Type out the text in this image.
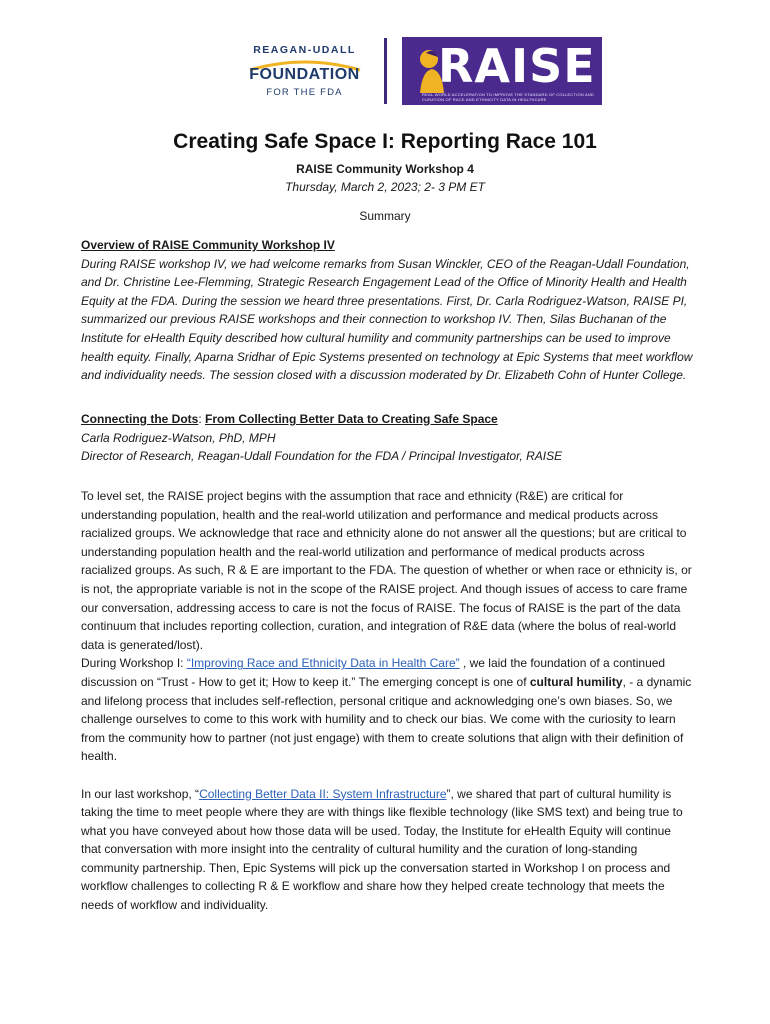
REAGAN-UDALL
FOUNDATION
FOR THE FDA	RAISE
REAL-WORLD ACCELERATION TO IMPROVE THE STANDARD OF COLLECTION AND CURATION OF RACE AND ETHNICITY DATA IN HEALTHCARE
Creating Safe Space I: Reporting Race 101
RAISE Community Workshop 4
Thursday, March 2, 2023; 2- 3 PM ET
Summary

Overview of RAISE Community Workshop IV

During RAISE workshop IV, we had welcome remarks from Susan Winckler, CEO of the Reagan-Udall Foundation, and Dr. Christine Lee-Flemming, Strategic Research Engagement Lead of the Office of Minority Health and Health Equity at the FDA. During the session we heard three presentations. First, Dr. Carla Rodriguez-Watson, RAISE PI, summarized our previous RAISE workshops and their connection to workshop IV. Then, Silas Buchanan of the Institute for eHealth Equity described how cultural humility and community partnerships can be used to improve health equity. Finally, Aparna Sridhar of Epic Systems presented on technology at Epic Systems that meet workflow and individuality needs. The session closed with a discussion moderated by Dr. Elizabeth Cohn of Hunter College.

Connecting the Dots: From Collecting Better Data to Creating Safe Space

Carla Rodriguez-Watson, PhD, MPH

Director of Research, Reagan-Udall Foundation for the FDA / Principal Investigator, RAISE

To level set, the RAISE project begins with the assumption that race and ethnicity (R&E) are critical for understanding population, health and the real-world utilization and performance and medical products across racialized groups. We acknowledge that race and ethnicity alone do not answer all the questions; but are critical to understanding population health and the real-world utilization and performance of medical products across racialized groups. As such, R & E are important to the FDA. The question of whether or when race or ethnicity is, or is not, the appropriate variable is not in the scope of the RAISE project. And though issues of access to care frame our conversation, addressing access to care is not the focus of RAISE. The focus of RAISE is the part of the data continuum that includes reporting collection, curation, and integration of R&E data (where the bolus of real-world data is generated/lost).

During Workshop I: “Improving Race and Ethnicity Data in Health Care” , we laid the foundation of a continued discussion on “Trust - How to get it; How to keep it.” The emerging concept is one of cultural humility, - a dynamic and lifelong process that includes self-reflection, personal critique and acknowledging one’s own biases. So, we challenge ourselves to come to this work with humility and to check our bias. We come with the curiosity to learn from the community how to partner (not just engage) with them to create solutions that align with their definition of health.

In our last workshop, “Collecting Better Data II: System Infrastructure”, we shared that part of cultural humility is taking the time to meet people where they are with things like flexible technology (like SMS text) and being true to what you have conveyed about how those data will be used. Today, the Institute for eHealth Equity will continue that conversation with more insight into the centrality of cultural humility and the curation of long-standing community partnership. Then, Epic Systems will pick up the conversation started in Workshop I on process and workflow challenges to collecting R & E workflow and share how they helped create technology that meets the needs of workflow and individuality.
